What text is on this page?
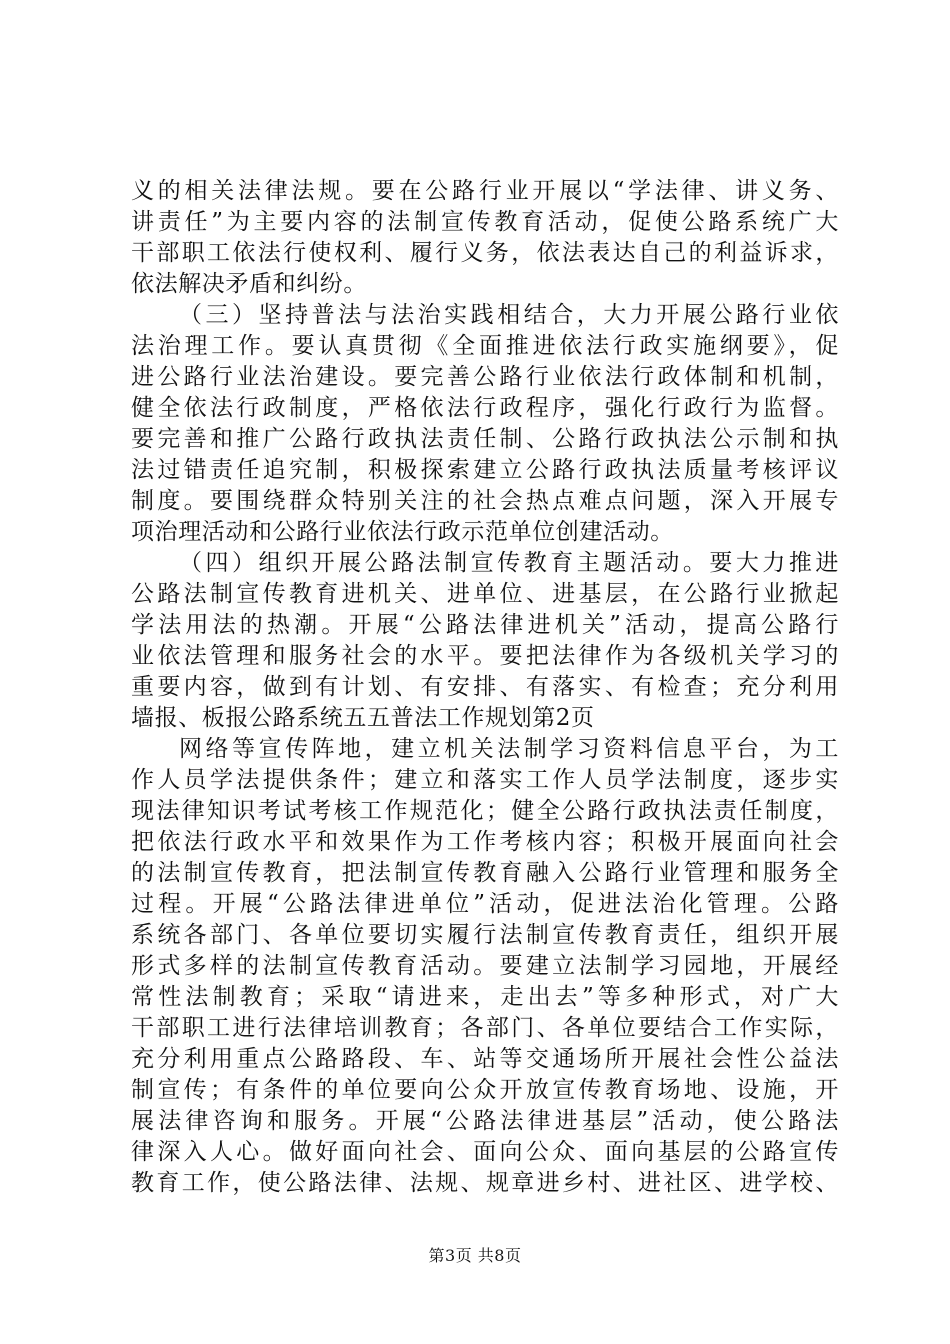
义的相关法律法规。要在公路行业开展以“学法律、讲义务、
讲责任”为主要内容的法制宣传教育活动，促使公路系统广大
干部职工依法行使权利、履行义务，依法表达自己的利益诉求，
依法解决矛盾和纠纷。
（三）坚持普法与法治实践相结合，大力开展公路行业依
法治理工作。要认真贯彻《全面推进依法行政实施纲要》，促
进公路行业法治建设。要完善公路行业依法行政体制和机制，
健全依法行政制度，严格依法行政程序，强化行政行为监督。
要完善和推广公路行政执法责任制、公路行政执法公示制和执
法过错责任追究制，积极探索建立公路行政执法质量考核评议
制度。要围绕群众特别关注的社会热点难点问题，深入开展专
项治理活动和公路行业依法行政示范单位创建活动。
（四）组织开展公路法制宣传教育主题活动。要大力推进
公路法制宣传教育进机关、进单位、进基层，在公路行业掀起
学法用法的热潮。开展“公路法律进机关”活动，提高公路行
业依法管理和服务社会的水平。要把法律作为各级机关学习的
重要内容，做到有计划、有安排、有落实、有检查；充分利用
墙报、板报公路系统五五普法工作规划第2页
网络等宣传阵地，建立机关法制学习资料信息平台，为工
作人员学法提供条件；建立和落实工作人员学法制度，逐步实
现法律知识考试考核工作规范化；健全公路行政执法责任制度，
把依法行政水平和效果作为工作考核内容；积极开展面向社会
的法制宣传教育，把法制宣传教育融入公路行业管理和服务全
过程。开展“公路法律进单位”活动，促进法治化管理。公路
系统各部门、各单位要切实履行法制宣传教育责任，组织开展
形式多样的法制宣传教育活动。要建立法制学习园地，开展经
常性法制教育；采取“请进来，走出去”等多种形式，对广大
干部职工进行法律培训教育；各部门、各单位要结合工作实际，
充分利用重点公路路段、车、站等交通场所开展社会性公益法
制宣传；有条件的单位要向公众开放宣传教育场地、设施，开
展法律咨询和服务。开展“公路法律进基层”活动，使公路法
律深入人心。做好面向社会、面向公众、面向基层的公路宣传
教育工作，使公路法律、法规、规章进乡村、进社区、进学校、
第3页 共8页
